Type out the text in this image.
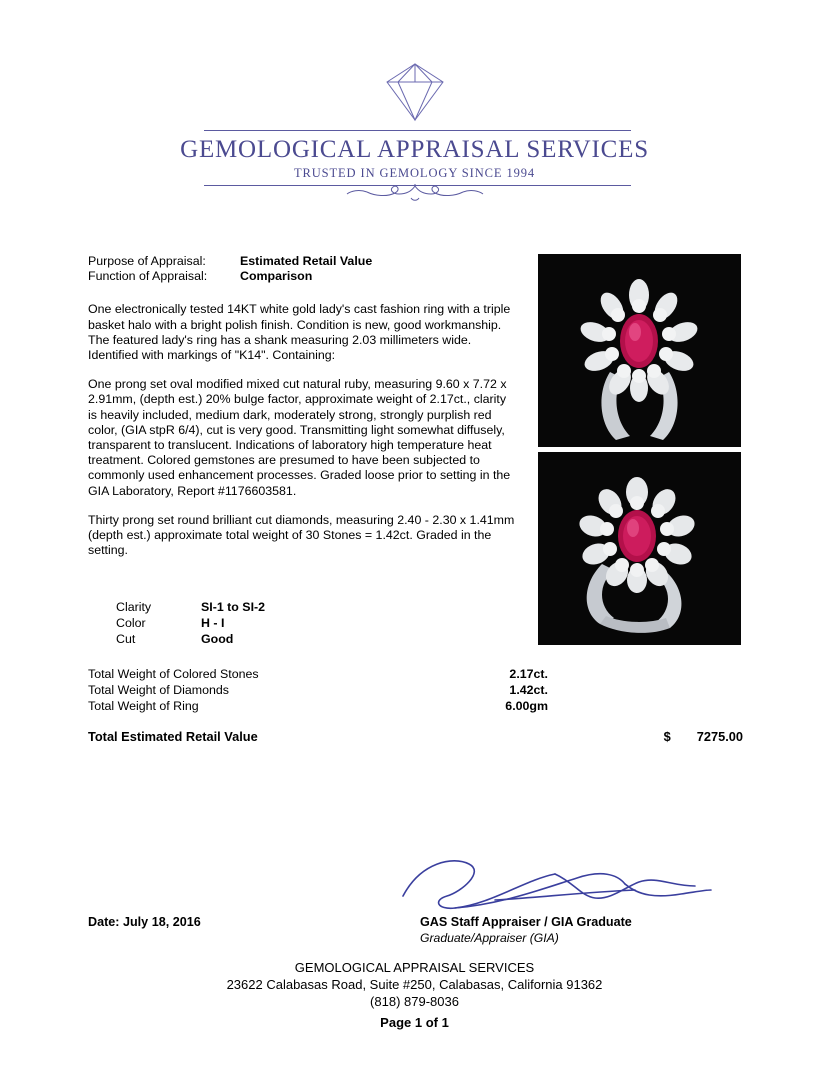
GEMOLOGICAL APPRAISAL SERVICES
TRUSTED IN GEMOLOGY SINCE 1994
Purpose of Appraisal:	Estimated Retail Value
Function of Appraisal:	Comparison
One electronically tested 14KT white gold lady's cast fashion ring with a triple basket halo with a bright polish finish. Condition is new, good workmanship. The featured lady's ring has a shank measuring 2.03 millimeters wide. Identified with markings of "K14". Containing:
One prong set oval modified mixed cut natural ruby, measuring 9.60 x 7.72 x 2.91mm, (depth est.) 20% bulge factor, approximate weight of 2.17ct., clarity is heavily included, medium dark, moderately strong, strongly purplish red color, (GIA stpR 6/4), cut is very good. Transmitting light somewhat diffusely, transparent to translucent. Indications of laboratory high temperature heat treatment. Colored gemstones are presumed to have been subjected to commonly used enhancement processes. Graded loose prior to setting in the GIA Laboratory, Report #1176603581.
Thirty prong set round brilliant cut diamonds, measuring 2.40 - 2.30 x 1.41mm (depth est.) approximate total weight of 30 Stones = 1.42ct. Graded in the setting.
Clarity	SI-1 to SI-2
Color	H - I
Cut	Good
Total Weight of Colored Stones	2.17ct.
Total Weight of Diamonds	1.42ct.
Total Weight of Ring	6.00gm
Total Estimated Retail Value	$ 7275.00
Date: July 18, 2016	GAS Staff Appraiser / GIA Graduate
Graduate/Appraiser (GIA)
GEMOLOGICAL APPRAISAL SERVICES
23622 Calabasas Road, Suite #250, Calabasas, California 91362
(818) 879-8036
Page 1 of 1
